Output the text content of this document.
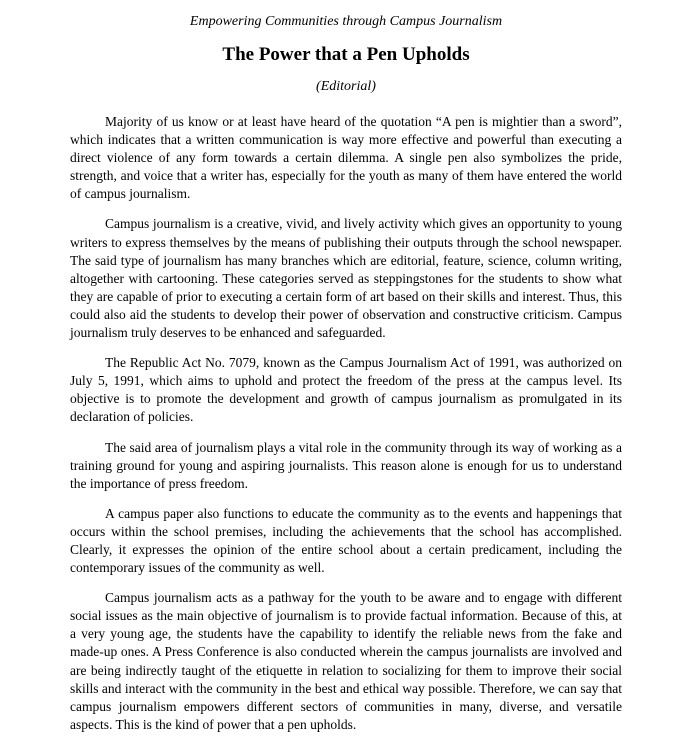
Empowering Communities through Campus Journalism
The Power that a Pen Upholds
(Editorial)

Majority of us know or at least have heard of the quotation “A pen is mightier than a sword”, which indicates that a written communication is way more effective and powerful than executing a direct violence of any form towards a certain dilemma. A single pen also symbolizes the pride, strength, and voice that a writer has, especially for the youth as many of them have entered the world of campus journalism.

Campus journalism is a creative, vivid, and lively activity which gives an opportunity to young writers to express themselves by the means of publishing their outputs through the school newspaper. The said type of journalism has many branches which are editorial, feature, science, column writing, altogether with cartooning. These categories served as steppingstones for the students to show what they are capable of prior to executing a certain form of art based on their skills and interest. Thus, this could also aid the students to develop their power of observation and constructive criticism. Campus journalism truly deserves to be enhanced and safeguarded.

The Republic Act No. 7079, known as the Campus Journalism Act of 1991, was authorized on July 5, 1991, which aims to uphold and protect the freedom of the press at the campus level. Its objective is to promote the development and growth of campus journalism as promulgated in its declaration of policies.

The said area of journalism plays a vital role in the community through its way of working as a training ground for young and aspiring journalists. This reason alone is enough for us to understand the importance of press freedom.

A campus paper also functions to educate the community as to the events and happenings that occurs within the school premises, including the achievements that the school has accomplished. Clearly, it expresses the opinion of the entire school about a certain predicament, including the contemporary issues of the community as well.

Campus journalism acts as a pathway for the youth to be aware and to engage with different social issues as the main objective of journalism is to provide factual information. Because of this, at a very young age, the students have the capability to identify the reliable news from the fake and made-up ones. A Press Conference is also conducted wherein the campus journalists are involved and are being indirectly taught of the etiquette in relation to socializing for them to improve their social skills and interact with the community in the best and ethical way possible. Therefore, we can say that campus journalism empowers different sectors of communities in many, diverse, and versatile aspects. This is the kind of power that a pen upholds.
